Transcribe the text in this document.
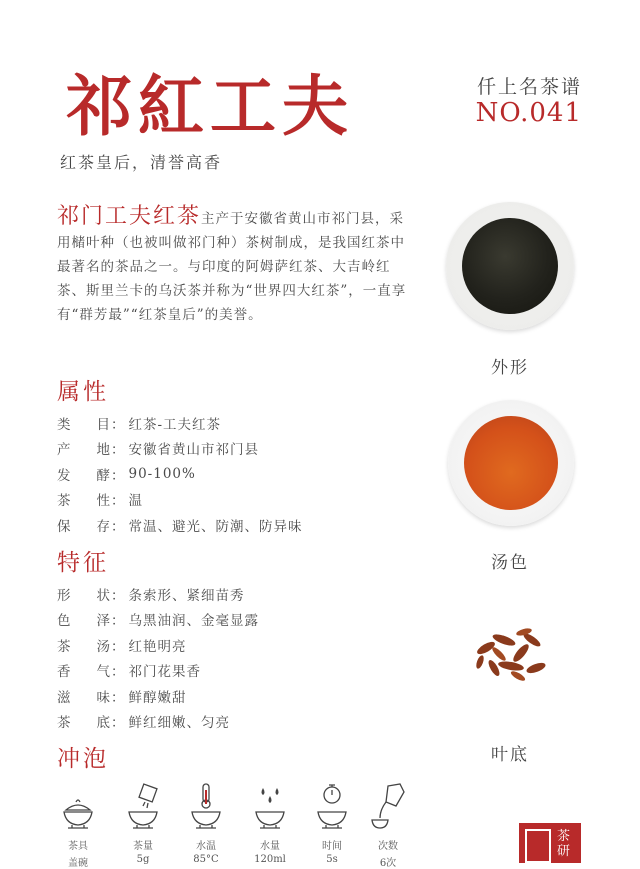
祁紅工夫
红茶皇后，清誉高香
仟上名茶谱
NO.041
祁门工夫红茶主产于安徽省黄山市祁门县，采用槠叶种（也被叫做祁门种）茶树制成，是我国红茶中最著名的茶品之一。与印度的阿姆萨红茶、大吉岭红茶、斯里兰卡的乌沃茶并称为“世界四大红茶”，一直享有“群芳最”“红茶皇后”的美誉。
属性
类目 ： 红茶-工夫红茶
产地 ： 安徽省黄山市祁门县
发酵 ： 90-100%
茶性 ： 温
保存 ： 常温、避光、防潮、防异味
特征
形状 ： 条索形、紧细苗秀
色泽 ： 乌黑油润、金毫显露
茶汤 ： 红艳明亮
香气 ： 祁门花果香
滋味 ： 鲜醇嫩甜
茶底 ： 鲜红细嫩、匀亮
冲泡
茶具
盖碗
茶量
5g
水温
85°C
水量
120ml
时间
5s
次数
6次
外形
汤色
叶底
茶研
